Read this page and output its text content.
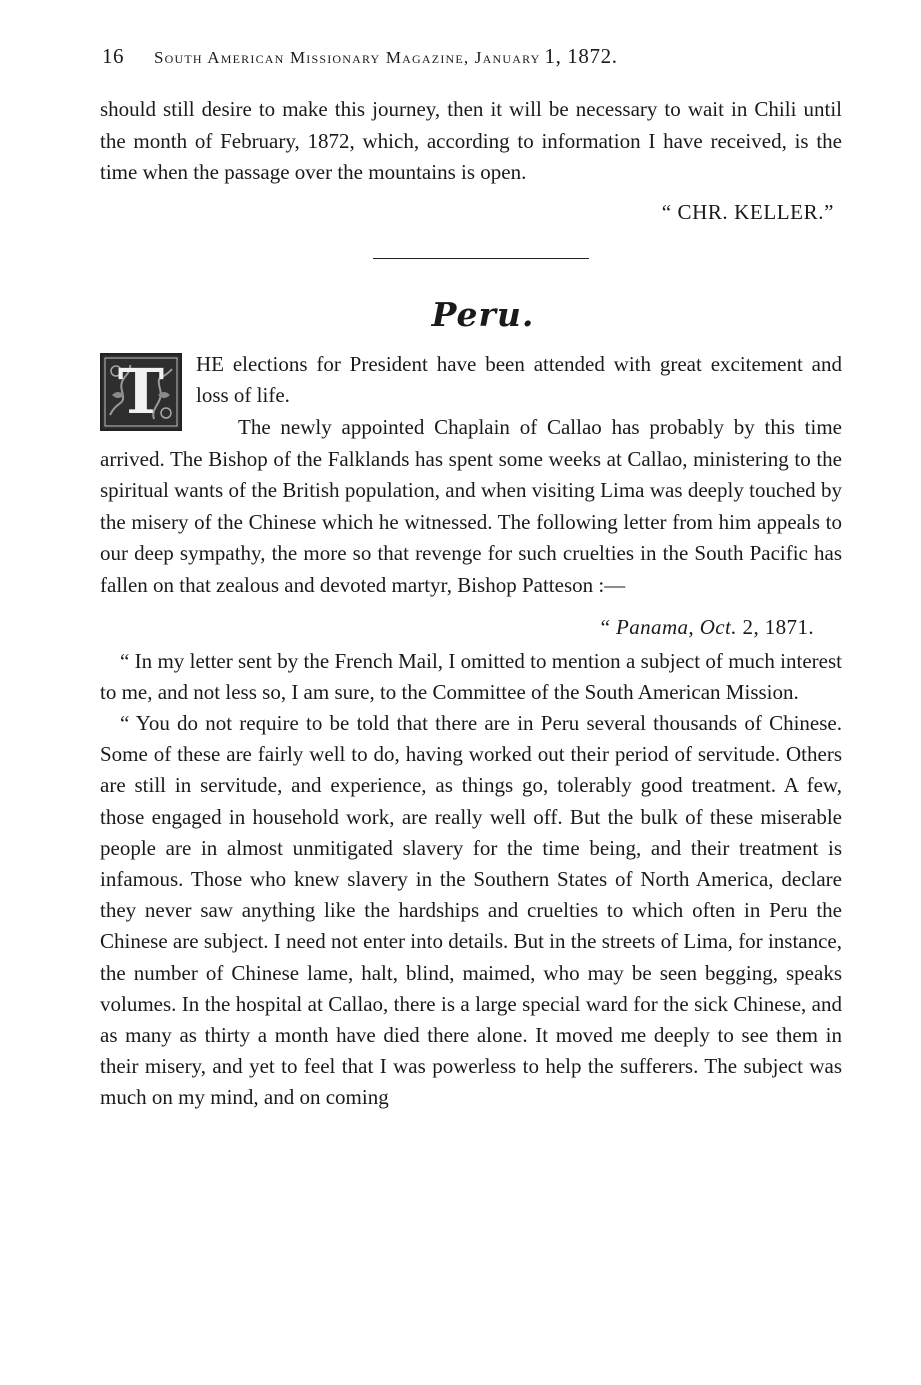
16 South American Missionary Magazine, January 1, 1872.

should still desire to make this journey, then it will be necessary to wait in Chili until the month of February, 1872, which, according to information I have received, is the time when the passage over the mountains is open.

“ CHR. KELLER.”
Peru.
T	HE elections for President have been attended with great excitement and loss of life.

The newly appointed Chaplain of Callao has probably by this time arrived. The Bishop of the Falklands has spent some weeks at Callao, ministering to the spiritual wants of the British population, and when visiting Lima was deeply touched by the misery of the Chinese which he witnessed. The following letter from him appeals to our deep sympathy, the more so that revenge for such cruelties in the South Pacific has fallen on that zealous and devoted martyr, Bishop Patteson :—

“ Panama, Oct. 2, 1871.

“ In my letter sent by the French Mail, I omitted to mention a subject of much interest to me, and not less so, I am sure, to the Committee of the South American Mission.

“ You do not require to be told that there are in Peru several thousands of Chinese. Some of these are fairly well to do, having worked out their period of servitude. Others are still in servitude, and experience, as things go, tolerably good treatment. A few, those engaged in household work, are really well off. But the bulk of these miserable people are in almost unmitigated slavery for the time being, and their treatment is infamous. Those who knew slavery in the Southern States of North America, declare they never saw anything like the hardships and cruelties to which often in Peru the Chinese are subject. I need not enter into details. But in the streets of Lima, for instance, the number of Chinese lame, halt, blind, maimed, who may be seen begging, speaks volumes. In the hospital at Callao, there is a large special ward for the sick Chinese, and as many as thirty a month have died there alone. It moved me deeply to see them in their misery, and yet to feel that I was powerless to help the sufferers. The subject was much on my mind, and on coming
